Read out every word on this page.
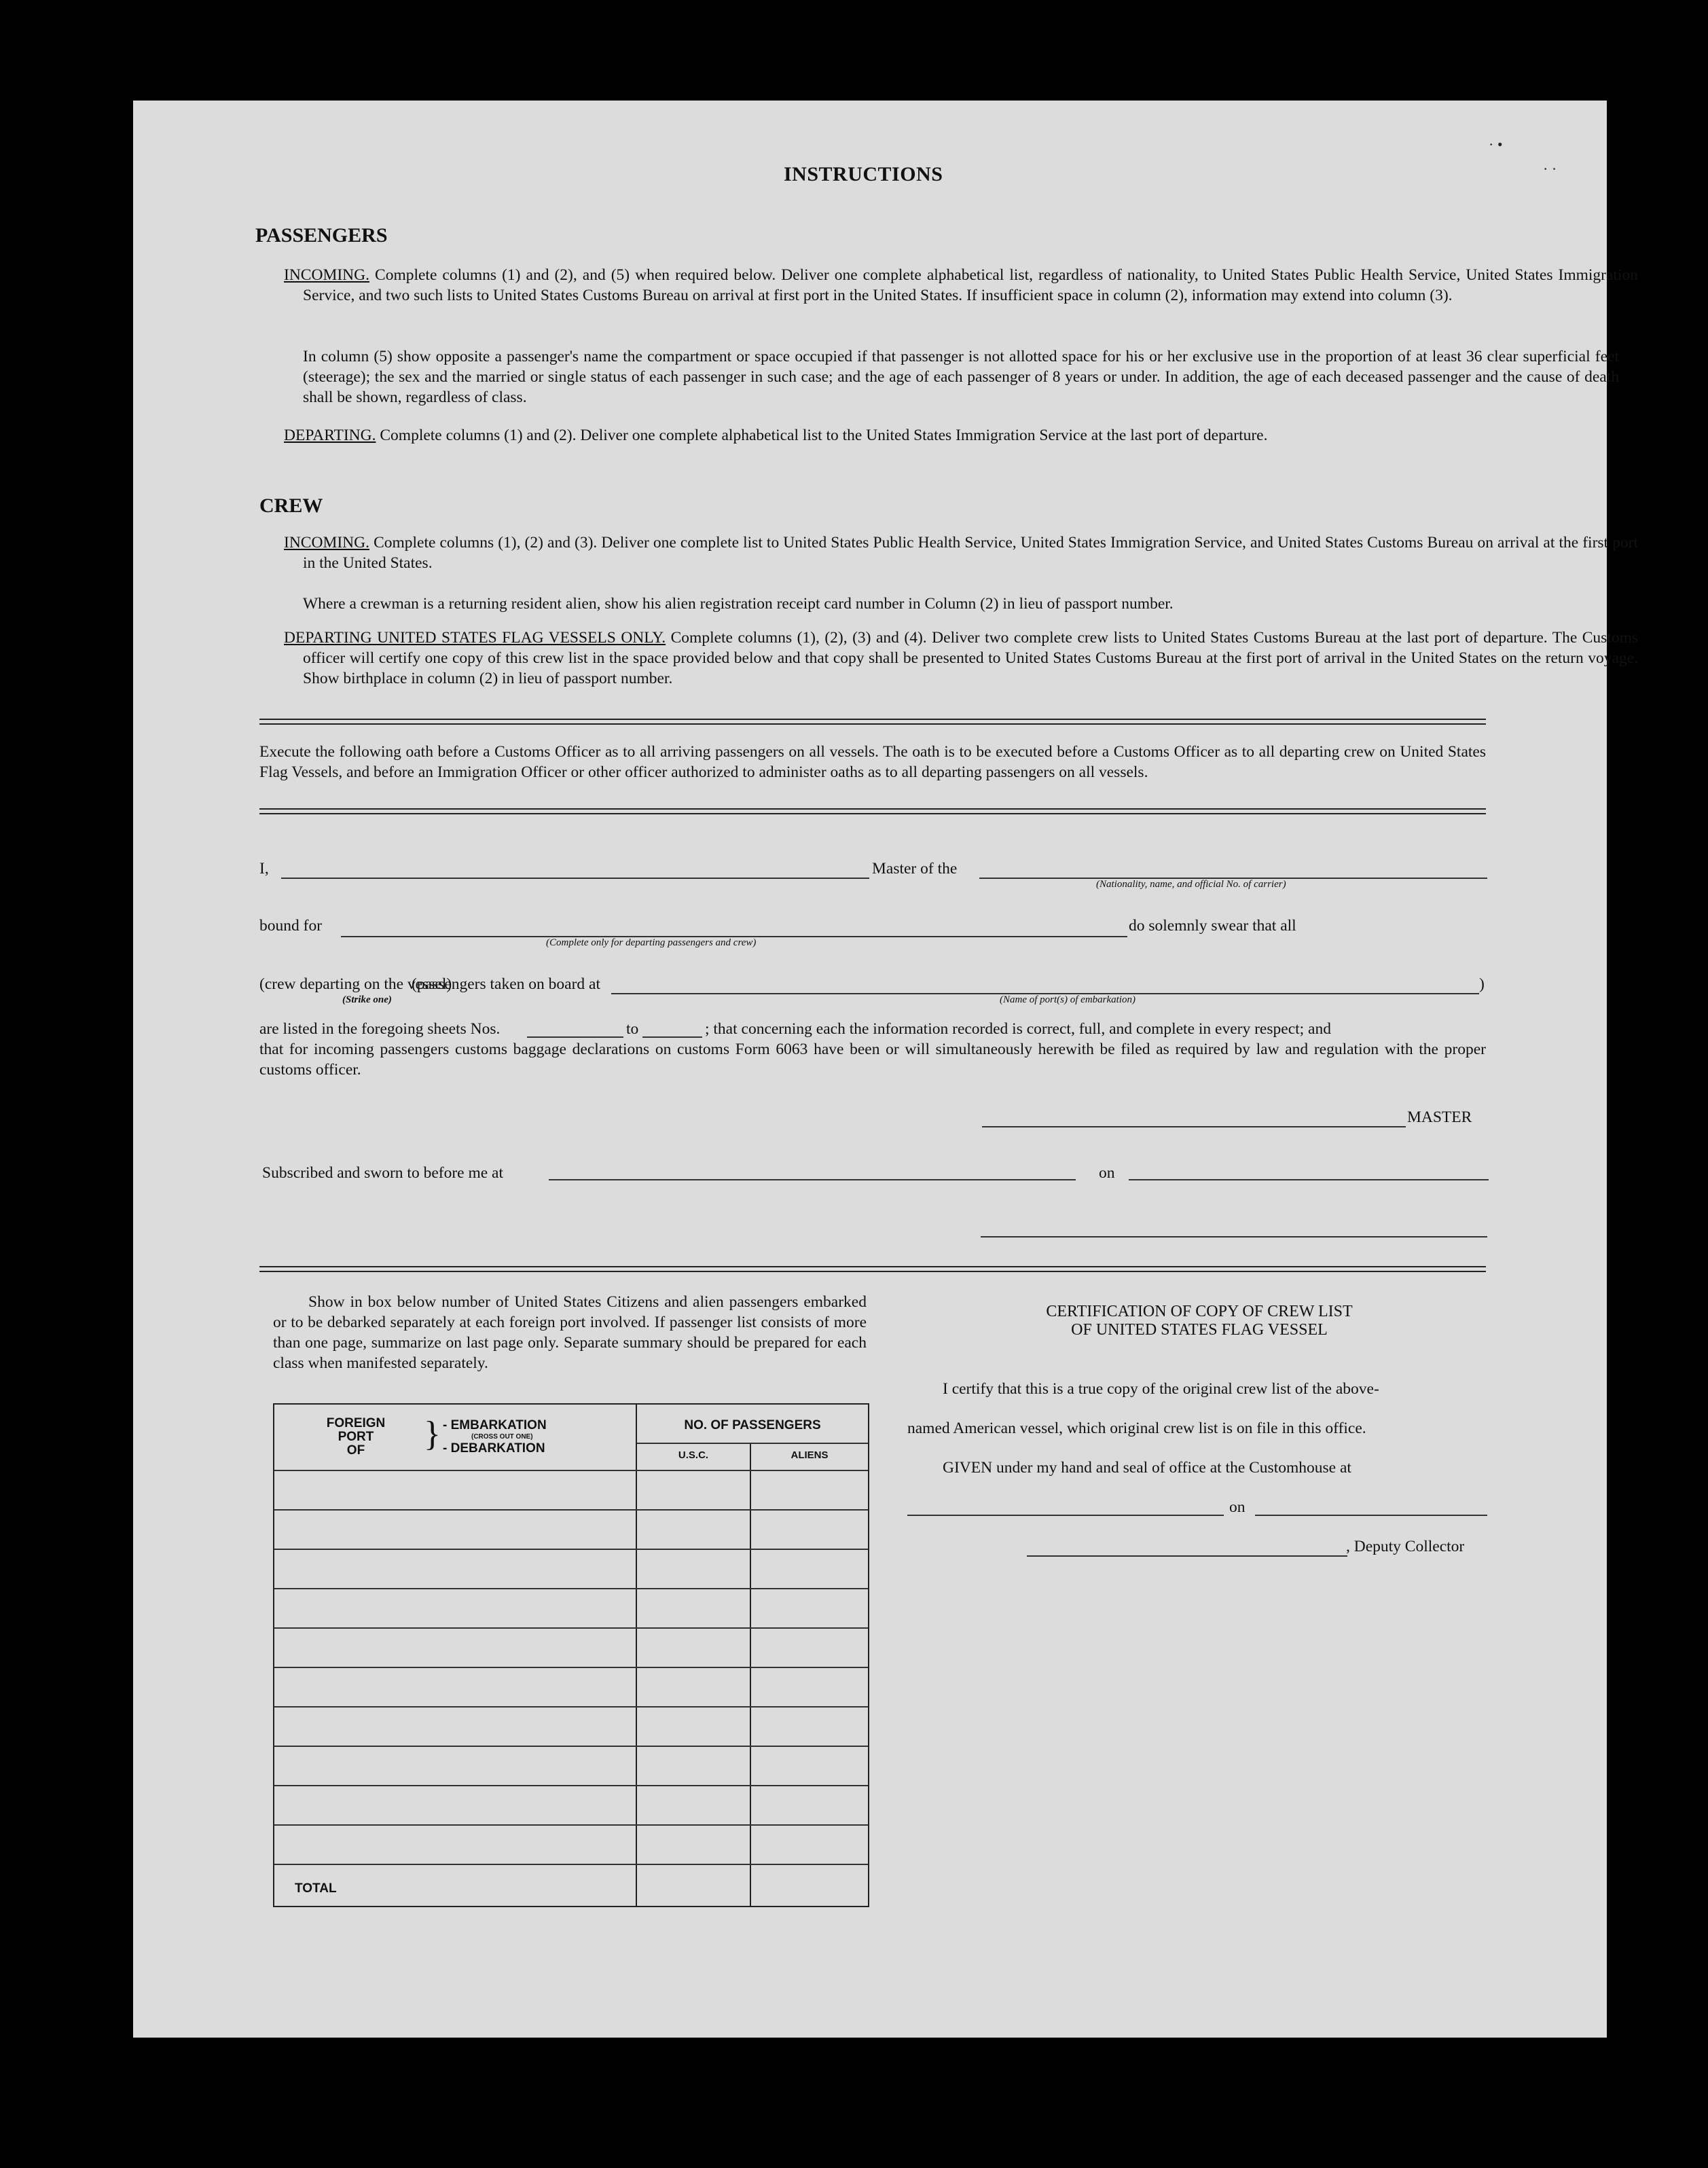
INSTRUCTIONS
PASSENGERS
INCOMING. Complete columns (1) and (2), and (5) when required below. Deliver one complete alphabetical list, regardless of nationality, to United States Public Health Service, United States Immigration Service, and two such lists to United States Customs Bureau on arrival at first port in the United States. If insufficient space in column (2), information may extend into column (3).
In column (5) show opposite a passenger's name the compartment or space occupied if that passenger is not allotted space for his or her exclusive use in the proportion of at least 36 clear superficial feet (steerage); the sex and the married or single status of each passenger in such case; and the age of each passenger of 8 years or under. In addition, the age of each deceased passenger and the cause of death shall be shown, regardless of class.
DEPARTING. Complete columns (1) and (2). Deliver one complete alphabetical list to the United States Immigration Service at the last port of departure.
CREW
INCOMING. Complete columns (1), (2) and (3). Deliver one complete list to United States Public Health Service, United States Immigration Service, and United States Customs Bureau on arrival at the first port in the United States.
Where a crewman is a returning resident alien, show his alien registration receipt card number in Column (2) in lieu of passport number.
DEPARTING UNITED STATES FLAG VESSELS ONLY. Complete columns (1), (2), (3) and (4). Deliver two complete crew lists to United States Customs Bureau at the last port of departure. The Customs officer will certify one copy of this crew list in the space provided below and that copy shall be presented to United States Customs Bureau at the first port of arrival in the United States on the return voyage. Show birthplace in column (2) in lieu of passport number.
Execute the following oath before a Customs Officer as to all arriving passengers on all vessels. The oath is to be executed before a Customs Officer as to all departing crew on United States Flag Vessels, and before an Immigration Officer or other officer authorized to administer oaths as to all departing passengers on all vessels.
I,	Master of the
(Nationality, name, and official No. of carrier)
bound for
(Complete only for departing passengers and crew)
do solemnly swear that all
(crew departing on the vessel)
(passengers taken on board at	)
(Strike one)	(Name of port(s) of embarkation)
are listed in the foregoing sheets Nos.	to	; that concerning each the information recorded is correct, full, and complete in every respect; and
that for incoming passengers customs baggage declarations on customs Form 6063 have been or will simultaneously herewith be filed as required by law and regulation with the proper customs officer.
MASTER
Subscribed and sworn to before me at	on
Show in box below number of United States Citizens and alien passengers embarked or to be debarked separately at each foreign port involved. If passenger list consists of more than one page, summarize on last page only. Separate summary should be prepared for each class when manifested separately.
FOREIGN
PORT
OF	} - EMBARKATION
(CROSS OUT ONE)
- DEBARKATION
NO. OF PASSENGERS
U.S.C.	ALIENS
TOTAL
CERTIFICATION OF COPY OF CREW LIST
OF UNITED STATES FLAG VESSEL
I certify that this is a true copy of the original crew list of the above-
named American vessel, which original crew list is on file in this office.
GIVEN under my hand and seal of office at the Customhouse at
on
, Deputy Collector
· •
· ·
